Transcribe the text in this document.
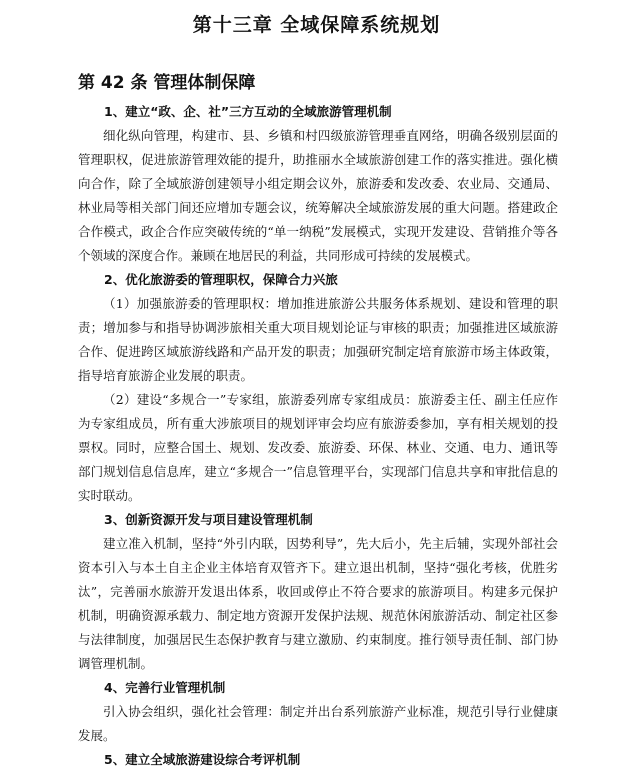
第十三章 全域保障系统规划
第 42 条 管理体制保障
1、建立“政、企、社”三方互动的全域旅游管理机制

细化纵向管理，构建市、县、乡镇和村四级旅游管理垂直网络，明确各级别层面的管理职权，促进旅游管理效能的提升，助推丽水全域旅游创建工作的落实推进。强化横向合作，除了全域旅游创建领导小组定期会议外，旅游委和发改委、农业局、交通局、林业局等相关部门间还应增加专题会议，统筹解决全域旅游发展的重大问题。搭建政企合作模式，政企合作应突破传统的“单一纳税”发展模式，实现开发建设、营销推介等各个领域的深度合作。兼顾在地居民的利益，共同形成可持续的发展模式。

2、优化旅游委的管理职权，保障合力兴旅

（1）加强旅游委的管理职权：增加推进旅游公共服务体系规划、建设和管理的职责；增加参与和指导协调涉旅相关重大项目规划论证与审核的职责；加强推进区域旅游合作、促进跨区域旅游线路和产品开发的职责；加强研究制定培育旅游市场主体政策，指导培育旅游企业发展的职责。

（2）建设“多规合一”专家组，旅游委列席专家组成员：旅游委主任、副主任应作为专家组成员，所有重大涉旅项目的规划评审会均应有旅游委参加，享有相关规划的投票权。同时，应整合国土、规划、发改委、旅游委、环保、林业、交通、电力、通讯等部门规划信息信息库，建立“多规合一”信息管理平台，实现部门信息共享和审批信息的实时联动。

3、创新资源开发与项目建设管理机制

建立准入机制，坚持“外引内联，因势利导”，先大后小，先主后辅，实现外部社会资本引入与本土自主企业主体培育双管齐下。建立退出机制，坚持“强化考核，优胜劣汰”，完善丽水旅游开发退出体系，收回或停止不符合要求的旅游项目。构建多元保护机制，明确资源承载力、制定地方资源开发保护法规、规范休闲旅游活动、制定社区参与法律制度，加强居民生态保护教育与建立激励、约束制度。推行领导责任制、部门协调管理机制。

4、完善行业管理机制

引入协会组织，强化社会管理：制定并出台系列旅游产业标准，规范引导行业健康发展。

5、建立全域旅游建设综合考评机制
